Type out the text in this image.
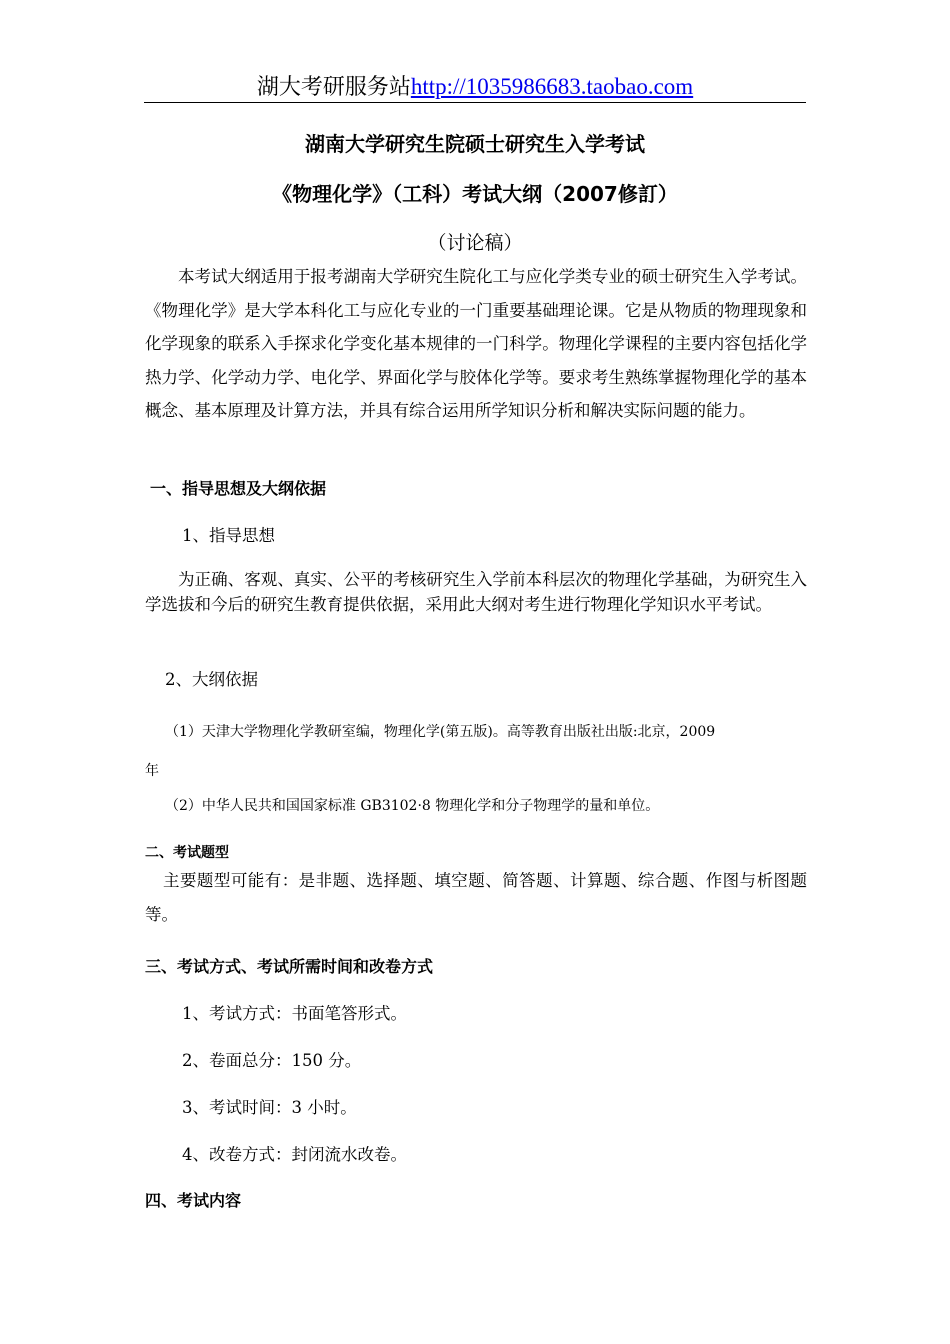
湖大考研服务站http://1035986683.taobao.com
湖南大学研究生院硕士研究生入学考试
《物理化学》（工科）考试大纲（2007修訂）
（讨论稿）
本考试大纲适用于报考湖南大学研究生院化工与应化学类专业的硕士研究生入学考试。《物理化学》是大学本科化工与应化专业的一门重要基础理论课。它是从物质的物理现象和化学现象的联系入手探求化学变化基本规律的一门科学。物理化学课程的主要内容包括化学热力学、化学动力学、电化学、界面化学与胶体化学等。要求考生熟练掌握物理化学的基本概念、基本原理及计算方法，并具有综合运用所学知识分析和解决实际问题的能力。
一、指导思想及大纲依据
1、指导思想
为正确、客观、真实、公平的考核研究生入学前本科层次的物理化学基础，为研究生入学选拔和今后的研究生教育提供依据，采用此大纲对考生进行物理化学知识水平考试。
2、大纲依据
（1）天津大学物理化学教研室编，物理化学(第五版)。高等教育出版社出版:北京，2009
年
（2）中华人民共和国国家标准 GB3102·8 物理化学和分子物理学的量和单位。
二、考试题型
主要题型可能有：是非题、选择题、填空题、简答题、计算题、综合题、作图与析图题等。
三、考试方式、考试所需时间和改卷方式
1、考试方式：书面笔答形式。
2、卷面总分：150 分。
3、考试时间：3 小时。
4、改卷方式：封闭流水改卷。
四、考试内容
